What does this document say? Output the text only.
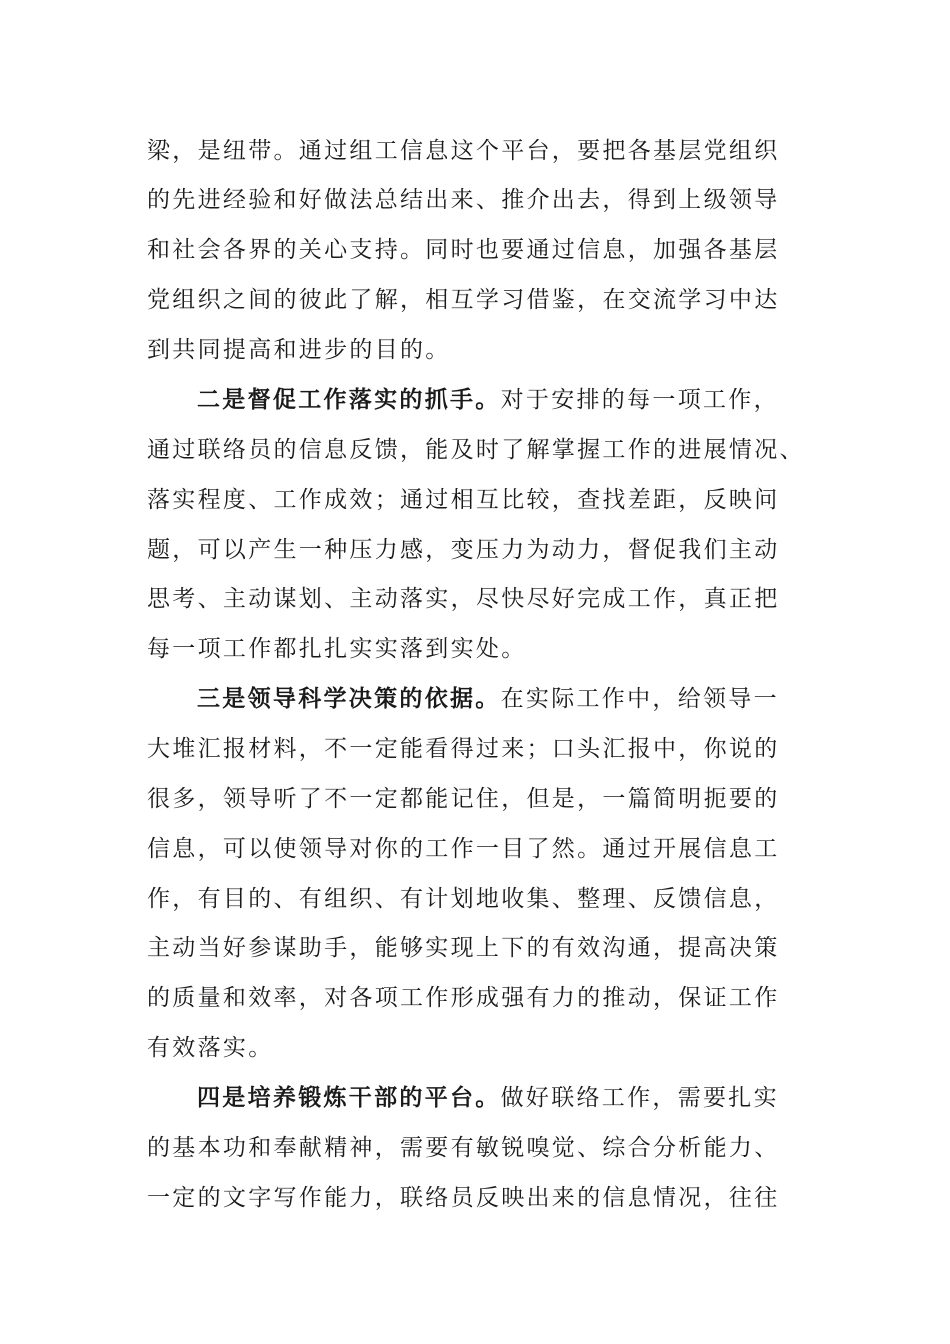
梁，是纽带。通过组工信息这个平台，要把各基层党组织
的先进经验和好做法总结出来、推介出去，得到上级领导
和社会各界的关心支持。同时也要通过信息，加强各基层
党组织之间的彼此了解，相互学习借鉴，在交流学习中达
到共同提高和进步的目的。
二是督促工作落实的抓手。对于安排的每一项工作，
通过联络员的信息反馈，能及时了解掌握工作的进展情况、
落实程度、工作成效；通过相互比较，查找差距，反映问
题，可以产生一种压力感，变压力为动力，督促我们主动
思考、主动谋划、主动落实，尽快尽好完成工作，真正把
每一项工作都扎扎实实落到实处。
三是领导科学决策的依据。在实际工作中，给领导一
大堆汇报材料，不一定能看得过来；口头汇报中，你说的
很多，领导听了不一定都能记住，但是，一篇简明扼要的
信息，可以使领导对你的工作一目了然。通过开展信息工
作，有目的、有组织、有计划地收集、整理、反馈信息，
主动当好参谋助手，能够实现上下的有效沟通，提高决策
的质量和效率，对各项工作形成强有力的推动，保证工作
有效落实。
四是培养锻炼干部的平台。做好联络工作，需要扎实
的基本功和奉献精神，需要有敏锐嗅觉、综合分析能力、
一定的文字写作能力，联络员反映出来的信息情况，往往
